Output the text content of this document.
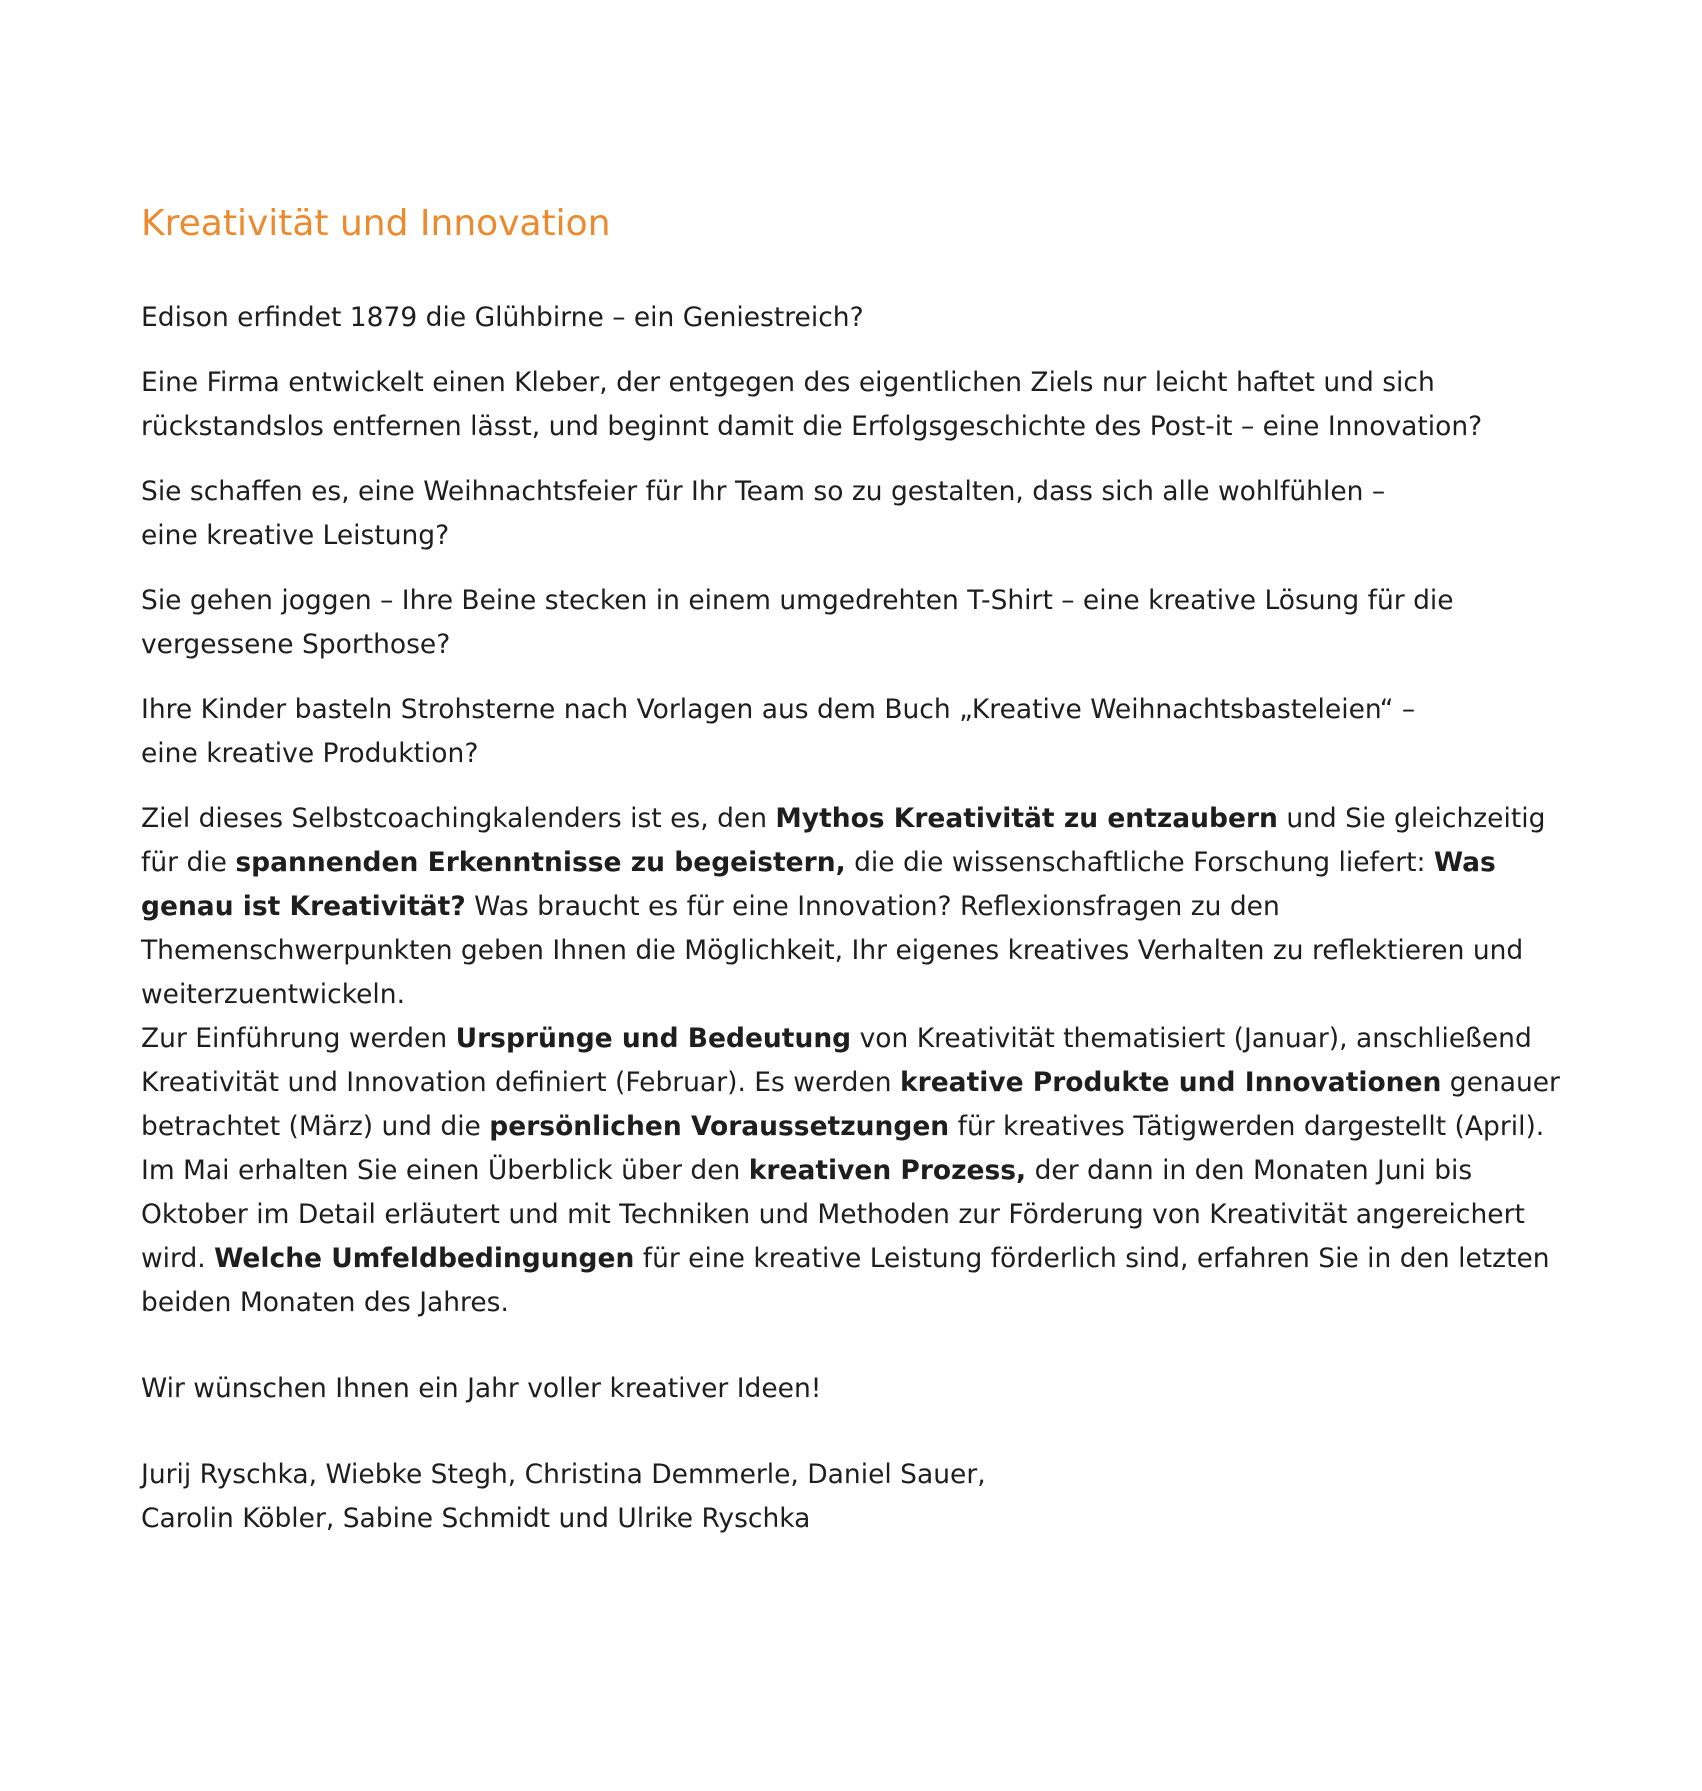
Kreativität und Innovation

Edison erfindet 1879 die Glühbirne – ein Geniestreich?

Eine Firma entwickelt einen Kleber, der entgegen des eigentlichen Ziels nur leicht haftet und sich
rückstandslos entfernen lässt, und beginnt damit die Erfolgsgeschichte des Post-it – eine Innovation?

Sie schaffen es, eine Weihnachtsfeier für Ihr Team so zu gestalten, dass sich alle wohlfühlen –
eine kreative Leistung?

Sie gehen joggen – Ihre Beine stecken in einem umgedrehten T-Shirt – eine kreative Lösung für die
vergessene Sporthose?

Ihre Kinder basteln Strohsterne nach Vorlagen aus dem Buch „Kreative Weihnachtsbasteleien“ –
eine kreative Produktion?

Ziel dieses Selbstcoachingkalenders ist es, den Mythos Kreativität zu entzaubern und Sie gleichzeitig für die spannenden Erkenntnisse zu begeistern, die die wissenschaftliche Forschung liefert: Was genau ist Kreativität? Was braucht es für eine Innovation? Reflexionsfragen zu den Themenschwerpunkten geben Ihnen die Möglichkeit, Ihr eigenes kreatives Verhalten zu reflektieren und weiterzuentwickeln.
Zur Einführung werden Ursprünge und Bedeutung von Kreativität thematisiert (Januar), anschließend Kreativität und Innovation definiert (Februar). Es werden kreative Produkte und Innovationen genauer betrachtet (März) und die persönlichen Voraussetzungen für kreatives Tätigwerden dargestellt (April). Im Mai erhalten Sie einen Überblick über den kreativen Prozess, der dann in den Monaten Juni bis Oktober im Detail erläutert und mit Techniken und Methoden zur Förderung von Kreativität angereichert wird. Welche Umfeldbedingungen für eine kreative Leistung förderlich sind, erfahren Sie in den letzten beiden Monaten des Jahres.

Wir wünschen Ihnen ein Jahr voller kreativer Ideen!

Jurij Ryschka, Wiebke Stegh, Christina Demmerle, Daniel Sauer,
Carolin Köbler, Sabine Schmidt und Ulrike Ryschka
